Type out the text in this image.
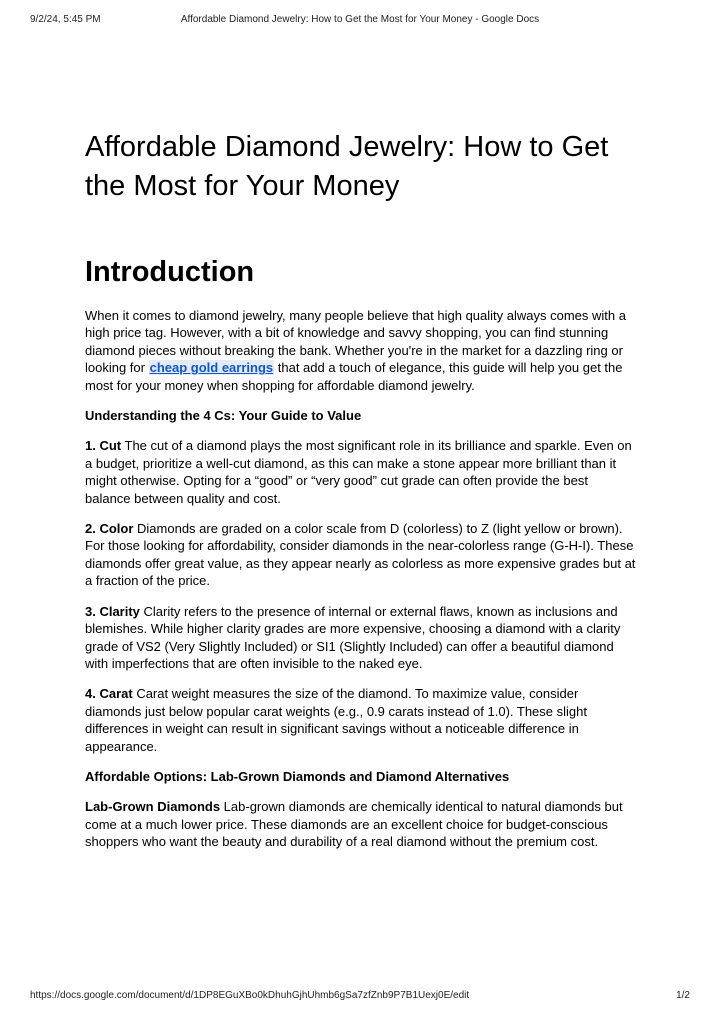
9/2/24, 5:45 PM	Affordable Diamond Jewelry: How to Get the Most for Your Money - Google Docs
Affordable Diamond Jewelry: How to Get the Most for Your Money
Introduction

When it comes to diamond jewelry, many people believe that high quality always comes with a high price tag. However, with a bit of knowledge and savvy shopping, you can find stunning diamond pieces without breaking the bank. Whether you're in the market for a dazzling ring or looking for cheap gold earrings that add a touch of elegance, this guide will help you get the most for your money when shopping for affordable diamond jewelry.

Understanding the 4 Cs: Your Guide to Value

1. Cut The cut of a diamond plays the most significant role in its brilliance and sparkle. Even on a budget, prioritize a well-cut diamond, as this can make a stone appear more brilliant than it might otherwise. Opting for a “good” or “very good” cut grade can often provide the best balance between quality and cost.

2. Color Diamonds are graded on a color scale from D (colorless) to Z (light yellow or brown). For those looking for affordability, consider diamonds in the near-colorless range (G-H-I). These diamonds offer great value, as they appear nearly as colorless as more expensive grades but at a fraction of the price.

3. Clarity Clarity refers to the presence of internal or external flaws, known as inclusions and blemishes. While higher clarity grades are more expensive, choosing a diamond with a clarity grade of VS2 (Very Slightly Included) or SI1 (Slightly Included) can offer a beautiful diamond with imperfections that are often invisible to the naked eye.

4. Carat Carat weight measures the size of the diamond. To maximize value, consider diamonds just below popular carat weights (e.g., 0.9 carats instead of 1.0). These slight differences in weight can result in significant savings without a noticeable difference in appearance.

Affordable Options: Lab-Grown Diamonds and Diamond Alternatives

Lab-Grown Diamonds Lab-grown diamonds are chemically identical to natural diamonds but come at a much lower price. These diamonds are an excellent choice for budget-conscious shoppers who want the beauty and durability of a real diamond without the premium cost.

https://docs.google.com/document/d/1DP8EGuXBo0kDhuhGjhUhmb6gSa7zfZnb9P7B1Uexj0E/edit	1/2
